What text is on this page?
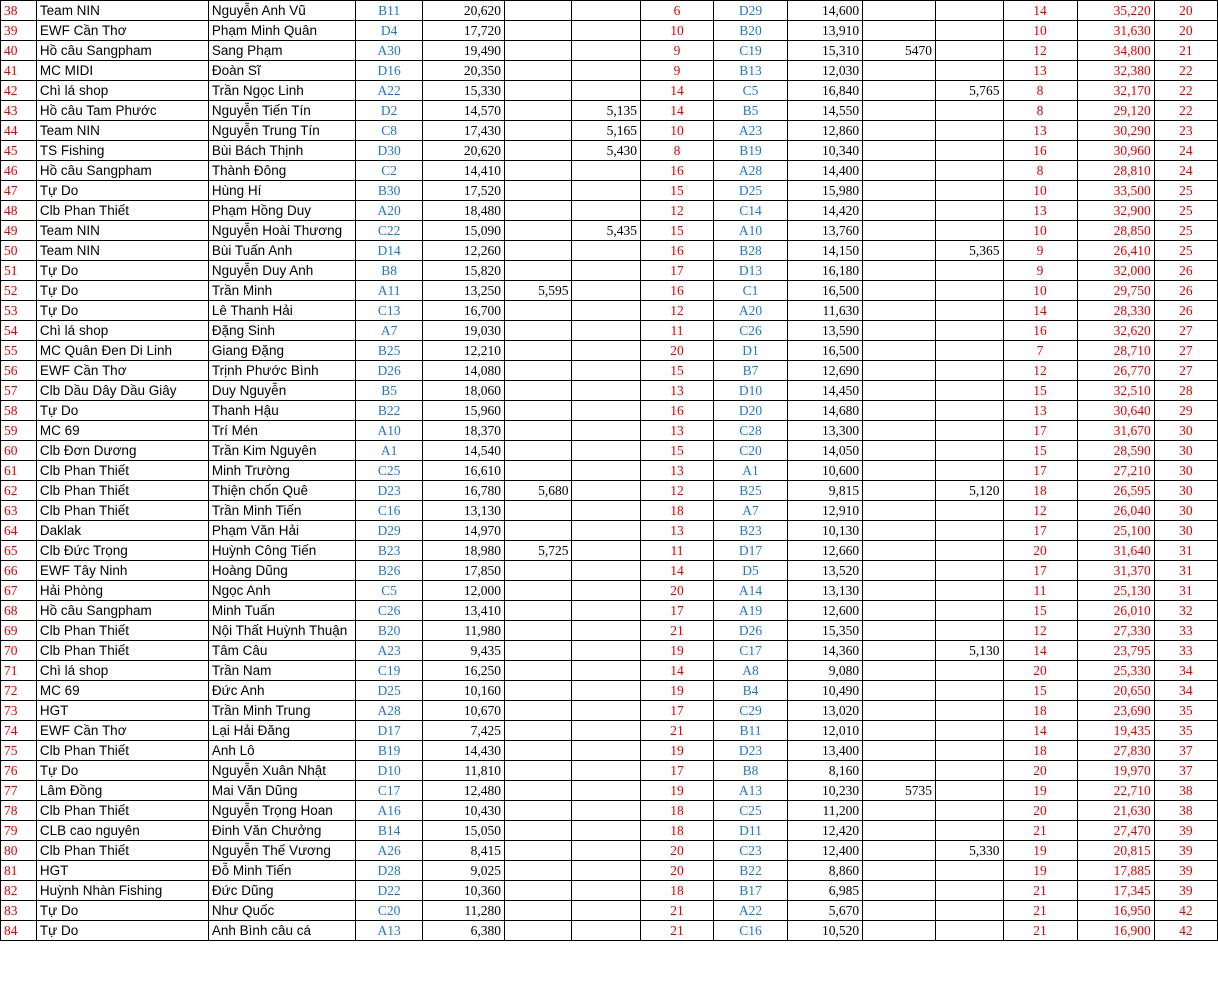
38	Team NIN	Nguyễn Anh Vũ	B11	20,620			6	D29	14,600			14	35,220	20
39	EWF Cần Thơ	Phạm Minh Quân	D4	17,720			10	B20	13,910			10	31,630	20
40	Hồ câu Sangpham	Sang Phạm	A30	19,490			9	C19	15,310	5470		12	34,800	21
41	MC MIDI	Đoàn Sĩ	D16	20,350			9	B13	12,030			13	32,380	22
42	Chì lá shop	Trần Ngọc Linh	A22	15,330			14	C5	16,840		5,765	8	32,170	22
43	Hồ câu Tam Phước	Nguyễn Tiến Tín	D2	14,570		5,135	14	B5	14,550			8	29,120	22
44	Team NIN	Nguyễn Trung Tín	C8	17,430		5,165	10	A23	12,860			13	30,290	23
45	TS Fishing	Bùi Bách Thịnh	D30	20,620		5,430	8	B19	10,340			16	30,960	24
46	Hồ câu Sangpham	Thành Đông	C2	14,410			16	A28	14,400			8	28,810	24
47	Tự Do	Hùng Hí	B30	17,520			15	D25	15,980			10	33,500	25
48	Clb Phan Thiết	Phạm Hồng Duy	A20	18,480			12	C14	14,420			13	32,900	25
49	Team NIN	Nguyễn Hoài Thương	C22	15,090		5,435	15	A10	13,760			10	28,850	25
50	Team NIN	Bùi Tuấn Anh	D14	12,260			16	B28	14,150		5,365	9	26,410	25
51	Tự Do	Nguyễn Duy Anh	B8	15,820			17	D13	16,180			9	32,000	26
52	Tự Do	Trần Minh	A11	13,250	5,595		16	C1	16,500			10	29,750	26
53	Tự Do	Lê Thanh Hải	C13	16,700			12	A20	11,630			14	28,330	26
54	Chì lá shop	Đặng Sinh	A7	19,030			11	C26	13,590			16	32,620	27
55	MC Quân Đen Di Linh	Giang Đặng	B25	12,210			20	D1	16,500			7	28,710	27
56	EWF Cần Thơ	Trịnh Phước Bình	D26	14,080			15	B7	12,690			12	26,770	27
57	Clb Dầu Dây Dầu Giây	Duy Nguyễn	B5	18,060			13	D10	14,450			15	32,510	28
58	Tự Do	Thanh Hậu	B22	15,960			16	D20	14,680			13	30,640	29
59	MC 69	Trí Mén	A10	18,370			13	C28	13,300			17	31,670	30
60	Clb Đơn Dương	Trần Kim Nguyên	A1	14,540			15	C20	14,050			15	28,590	30
61	Clb Phan Thiết	Minh Trường	C25	16,610			13	A1	10,600			17	27,210	30
62	Clb Phan Thiết	Thiện chốn Quê	D23	16,780	5,680		12	B25	9,815		5,120	18	26,595	30
63	Clb Phan Thiết	Trần Minh Tiến	C16	13,130			18	A7	12,910			12	26,040	30
64	Daklak	Phạm Văn Hải	D29	14,970			13	B23	10,130			17	25,100	30
65	Clb Đức Trọng	Huỳnh Công Tiến	B23	18,980	5,725		11	D17	12,660			20	31,640	31
66	EWF Tây Ninh	Hoàng Dũng	B26	17,850			14	D5	13,520			17	31,370	31
67	Hải Phòng	Ngọc Anh	C5	12,000			20	A14	13,130			11	25,130	31
68	Hồ câu Sangpham	Minh Tuấn	C26	13,410			17	A19	12,600			15	26,010	32
69	Clb Phan Thiết	Nội Thất Huỳnh Thuận	B20	11,980			21	D26	15,350			12	27,330	33
70	Clb Phan Thiết	Tâm Câu	A23	9,435			19	C17	14,360		5,130	14	23,795	33
71	Chì lá shop	Trần Nam	C19	16,250			14	A8	9,080			20	25,330	34
72	MC 69	Đức Anh	D25	10,160			19	B4	10,490			15	20,650	34
73	HGT	Trần Minh Trung	A28	10,670			17	C29	13,020			18	23,690	35
74	EWF Cần Thơ	Lại Hải Đăng	D17	7,425			21	B11	12,010			14	19,435	35
75	Clb Phan Thiết	Anh Lô	B19	14,430			19	D23	13,400			18	27,830	37
76	Tự Do	Nguyễn Xuân Nhật	D10	11,810			17	B8	8,160			20	19,970	37
77	Lâm Đồng	Mai Văn Dũng	C17	12,480			19	A13	10,230	5735		19	22,710	38
78	Clb Phan Thiết	Nguyễn Trọng Hoan	A16	10,430			18	C25	11,200			20	21,630	38
79	CLB cao nguyên	Đinh Văn Chưởng	B14	15,050			18	D11	12,420			21	27,470	39
80	Clb Phan Thiết	Nguyễn Thế Vương	A26	8,415			20	C23	12,400		5,330	19	20,815	39
81	HGT	Đỗ Minh Tiến	D28	9,025			20	B22	8,860			19	17,885	39
82	Huỳnh Nhàn Fishing	Đức Dũng	D22	10,360			18	B17	6,985			21	17,345	39
83	Tự Do	Như Quốc	C20	11,280			21	A22	5,670			21	16,950	42
84	Tự Do	Anh Bình câu cá	A13	6,380			21	C16	10,520			21	16,900	42
